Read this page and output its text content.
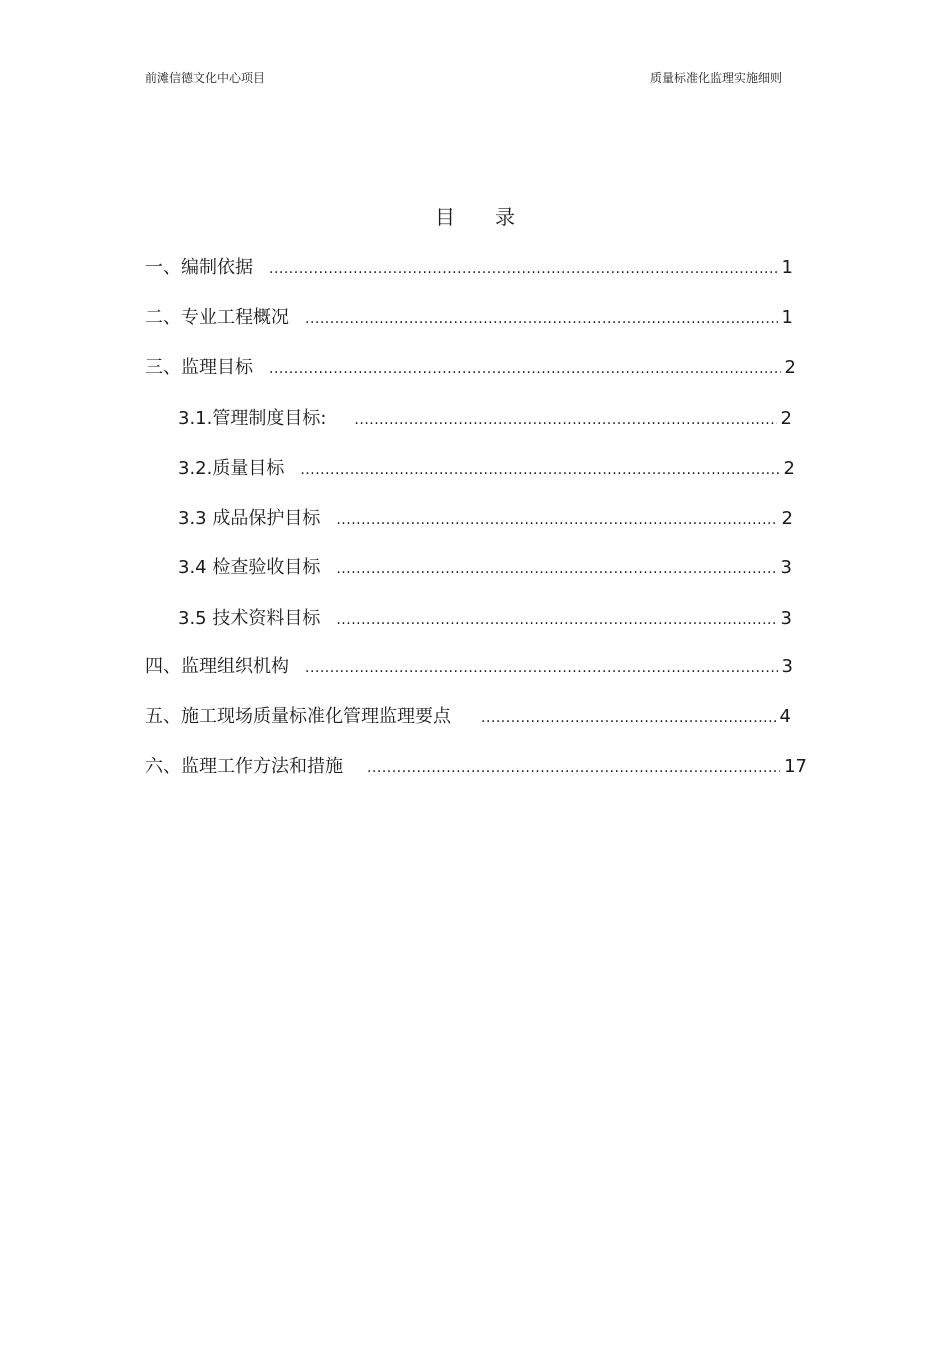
前滩信德文化中心项目	质量标准化监理实施细则
目录
一、编制依据 .....	1
二、专业工程概况 .....	1
三、监理目标 .....	2
3.1.管理制度目标: .....	2
3.2.质量目标 .....	2
3.3 成品保护目标 .....	2
3.4 检查验收目标 .....	3
3.5 技术资料目标 .....	3
四、监理组织机构 .....	3
五、施工现场质量标准化管理监理要点 .....	4
六、监理工作方法和措施 .....	17
